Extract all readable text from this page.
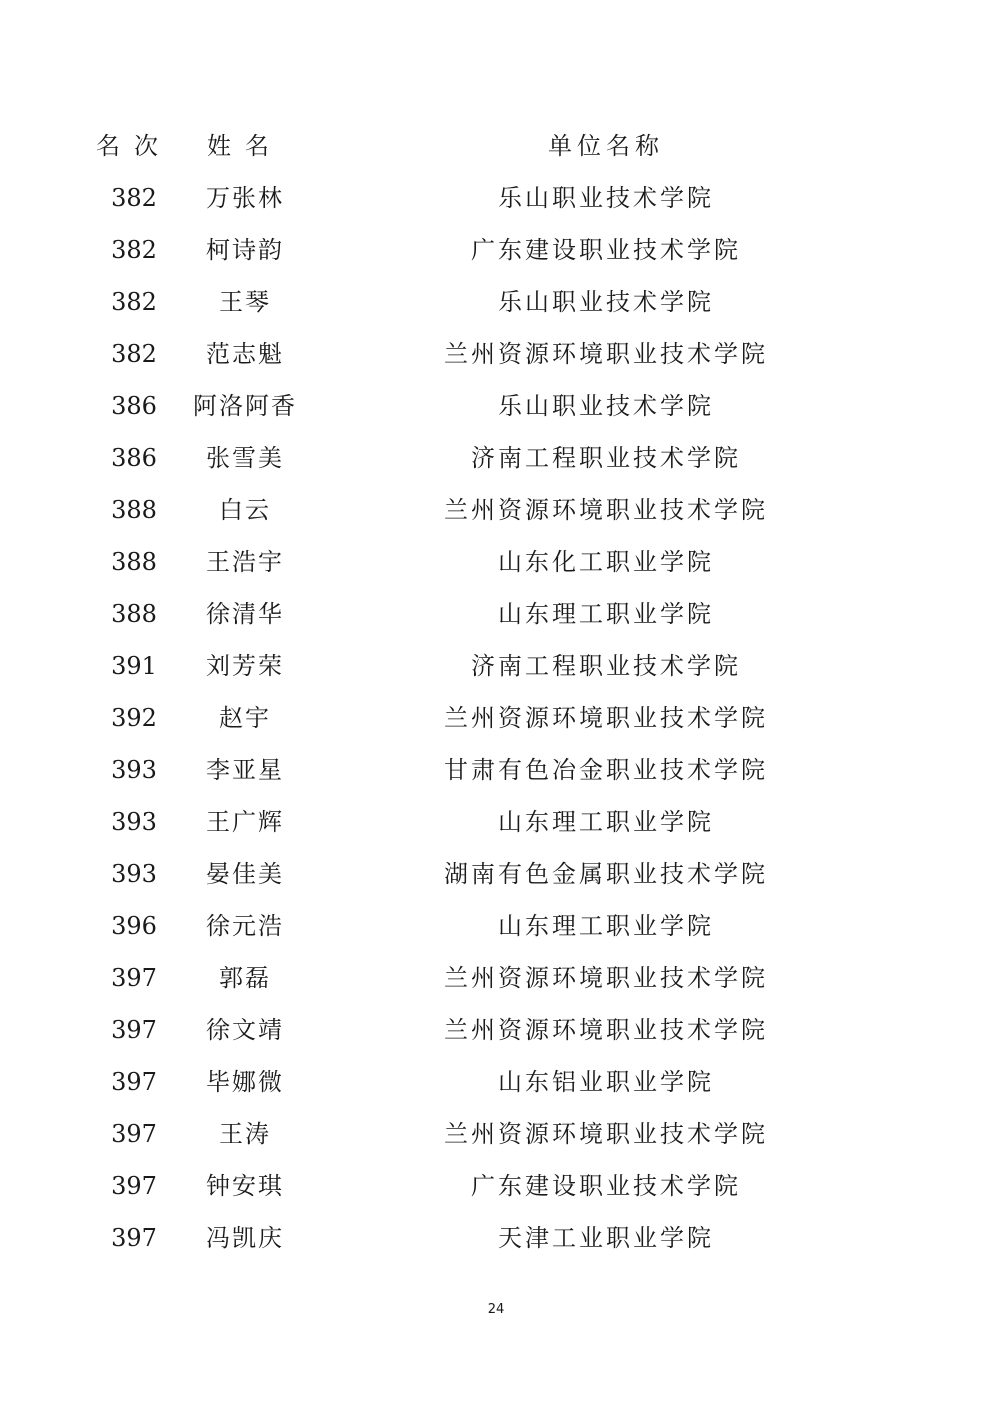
名次	姓名	单位名称
382	万张林	乐山职业技术学院
382	柯诗韵	广东建设职业技术学院
382	王琴	乐山职业技术学院
382	范志魁	兰州资源环境职业技术学院
386	阿洛阿香	乐山职业技术学院
386	张雪美	济南工程职业技术学院
388	白云	兰州资源环境职业技术学院
388	王浩宇	山东化工职业学院
388	徐清华	山东理工职业学院
391	刘芳荣	济南工程职业技术学院
392	赵宇	兰州资源环境职业技术学院
393	李亚星	甘肃有色冶金职业技术学院
393	王广辉	山东理工职业学院
393	晏佳美	湖南有色金属职业技术学院
396	徐元浩	山东理工职业学院
397	郭磊	兰州资源环境职业技术学院
397	徐文靖	兰州资源环境职业技术学院
397	毕娜微	山东铝业职业学院
397	王涛	兰州资源环境职业技术学院
397	钟安琪	广东建设职业技术学院
397	冯凯庆	天津工业职业学院
24
